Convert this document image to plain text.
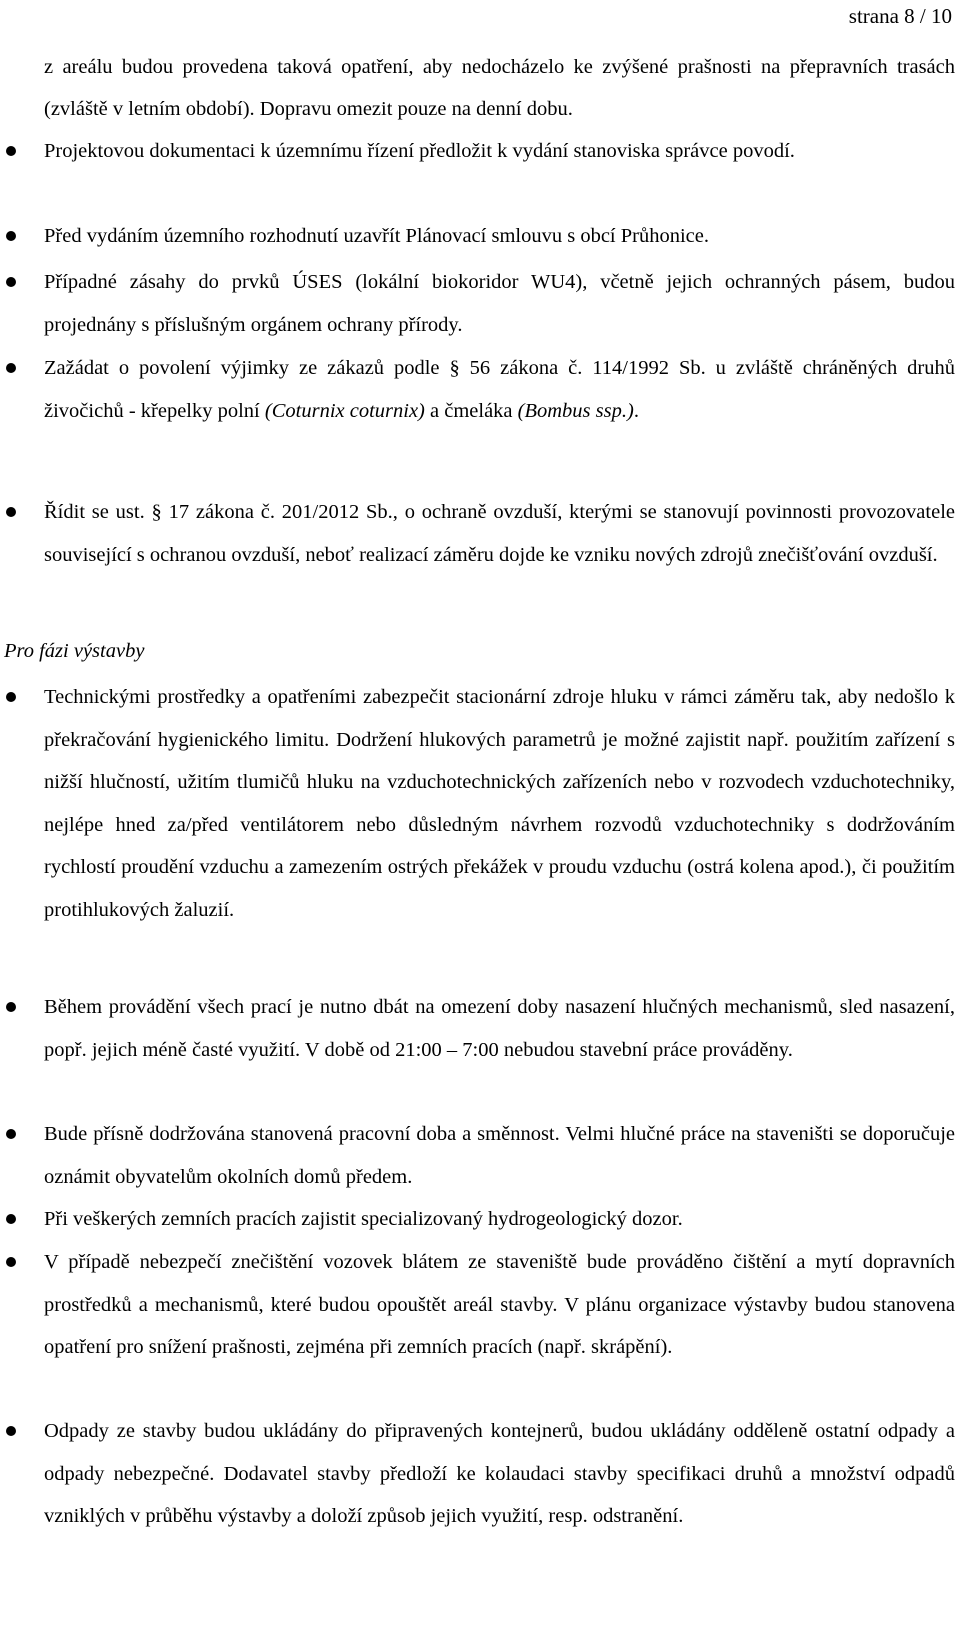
strana 8 / 10

z areálu budou provedena taková opatření, aby nedocházelo ke zvýšené prašnosti na přepravních trasách (zvláště v letním období). Dopravu omezit pouze na denní dobu.

Projektovou dokumentaci k územnímu řízení předložit k vydání stanoviska správce povodí.

Před vydáním územního rozhodnutí uzavřít Plánovací smlouvu s obcí Průhonice.

Případné zásahy do prvků ÚSES (lokální biokoridor WU4), včetně jejich ochranných pásem, budou projednány s příslušným orgánem ochrany přírody.

Zažádat o povolení výjimky ze zákazů podle § 56 zákona č. 114/1992 Sb. u zvláště chráněných druhů živočichů - křepelky polní (Coturnix coturnix) a čmeláka (Bombus ssp.).

Řídit se ust. § 17 zákona č. 201/2012 Sb., o ochraně ovzduší, kterými se stanovují povinnosti provozovatele související s ochranou ovzduší, neboť realizací záměru dojde ke vzniku nových zdrojů znečišťování ovzduší.

Pro fázi výstavby

Technickými prostředky a opatřeními zabezpečit stacionární zdroje hluku v rámci záměru tak, aby nedošlo k překračování hygienického limitu. Dodržení hlukových parametrů je možné zajistit např. použitím zařízení s nižší hlučností, užitím tlumičů hluku na vzduchotechnických zařízeních nebo v rozvodech vzduchotechniky, nejlépe hned za/před ventilátorem nebo důsledným návrhem rozvodů vzduchotechniky s dodržováním rychlostí proudění vzduchu a zamezením ostrých překážek v proudu vzduchu (ostrá kolena apod.), či použitím protihlukových žaluzií.

Během provádění všech prací je nutno dbát na omezení doby nasazení hlučných mechanismů, sled nasazení, popř. jejich méně časté využití. V době od 21:00 – 7:00 nebudou stavební práce prováděny.

Bude přísně dodržována stanovená pracovní doba a směnnost. Velmi hlučné práce na staveništi se doporučuje oznámit obyvatelům okolních domů předem.

Při veškerých zemních pracích zajistit specializovaný hydrogeologický dozor.

V případě nebezpečí znečištění vozovek blátem ze staveniště bude prováděno čištění a mytí dopravních prostředků a mechanismů, které budou opouštět areál stavby. V plánu organizace výstavby budou stanovena opatření pro snížení prašnosti, zejména při zemních pracích (např. skrápění).

Odpady ze stavby budou ukládány do připravených kontejnerů, budou ukládány odděleně ostatní odpady a odpady nebezpečné. Dodavatel stavby předloží ke kolaudaci stavby specifikaci druhů a množství odpadů vzniklých v průběhu výstavby a doloží způsob jejich využití, resp. odstranění.
